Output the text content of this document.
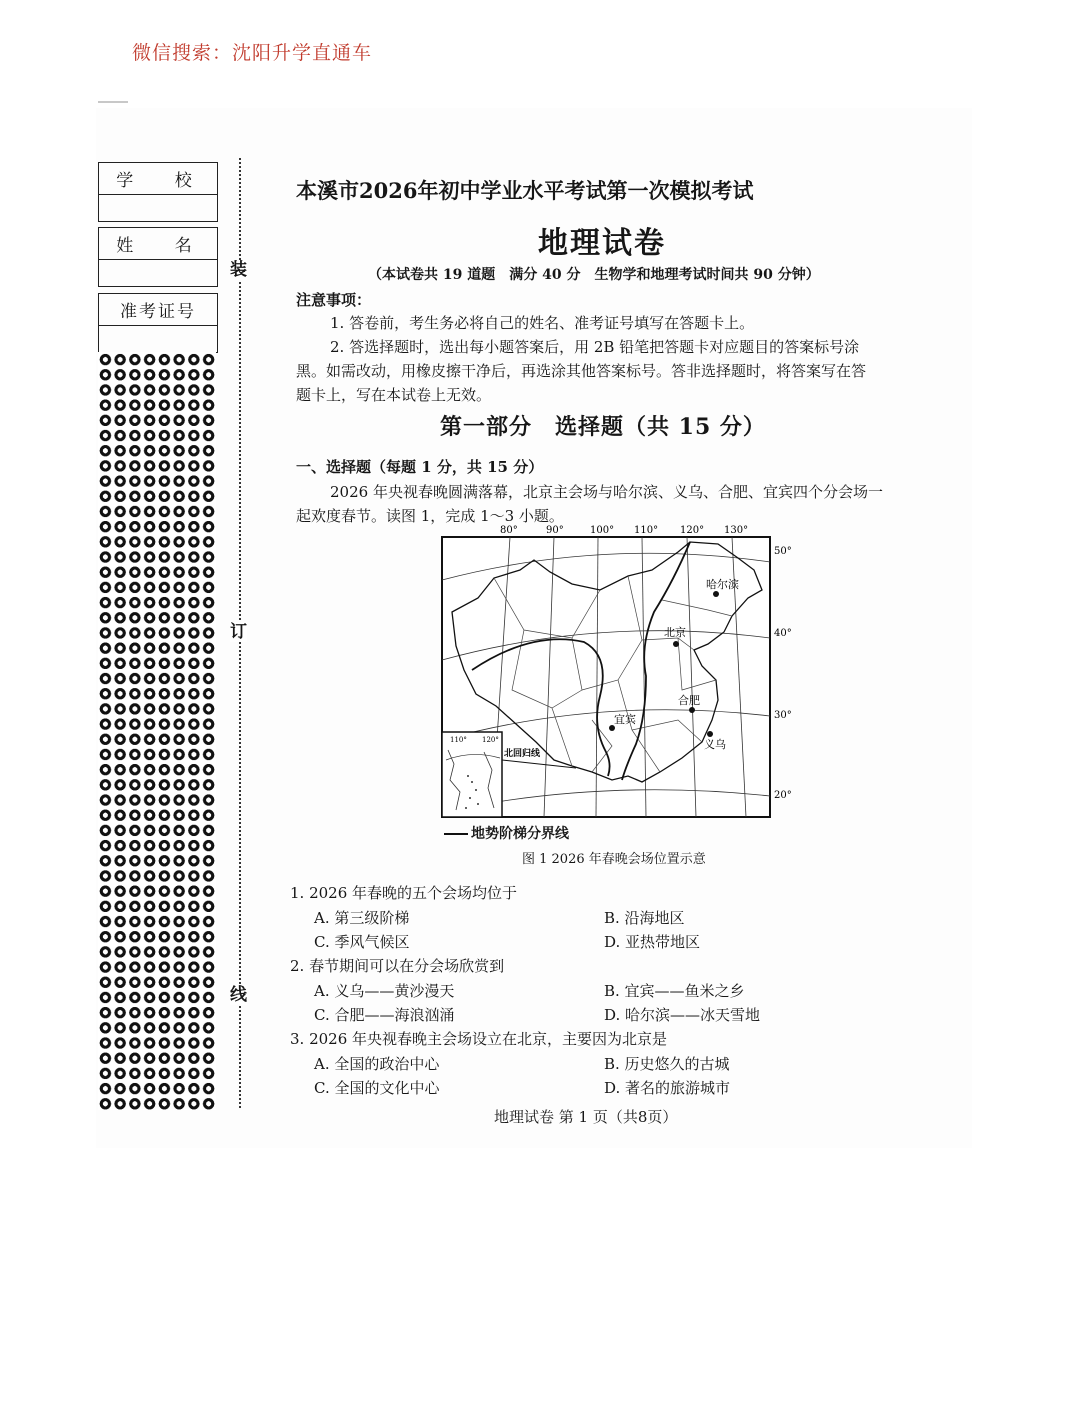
微信搜索：沈阳升学直通车
学 校
姓 名
准考证号
装
订
线
本溪市2026年初中学业水平考试第一次模拟考试
地理试卷
（本试卷共 19 道题　满分 40 分　生物学和地理考试时间共 90 分钟）
注意事项：
1. 答卷前，考生务必将自己的姓名、准考证号填写在答题卡上。
2. 答选择题时，选出每小题答案后，用 2B 铅笔把答题卡对应题目的答案标号涂
黑。如需改动，用橡皮擦干净后，再选涂其他答案标号。答非选择题时，将答案写在答
题卡上，写在本试卷上无效。
第一部分　选择题（共 15 分）
一、选择题（每题 1 分，共 15 分）
2026 年央视春晚圆满落幕，北京主会场与哈尔滨、义乌、合肥、宜宾四个分会场一
起欢度春节。读图 1，完成 1～3 小题。
80°	90°	100° 110° 120° 130°
哈尔滨
北京
合肥
宜宾
义乌
50°
40°
30°
20°
110° 120°
北回归线
地势阶梯分界线
图 1 2026 年春晚会场位置示意
1. 2026 年春晚的五个会场均位于
A. 第三级阶梯	B. 沿海地区
C. 季风气候区	D. 亚热带地区
2. 春节期间可以在分会场欣赏到
A. 义乌——黄沙漫天	B. 宜宾——鱼米之乡
C. 合肥——海浪汹涌	D. 哈尔滨——冰天雪地
3. 2026 年央视春晚主会场设立在北京，主要因为北京是
A. 全国的政治中心	B. 历史悠久的古城
C. 全国的文化中心	D. 著名的旅游城市
地理试卷 第 1 页（共8页）
